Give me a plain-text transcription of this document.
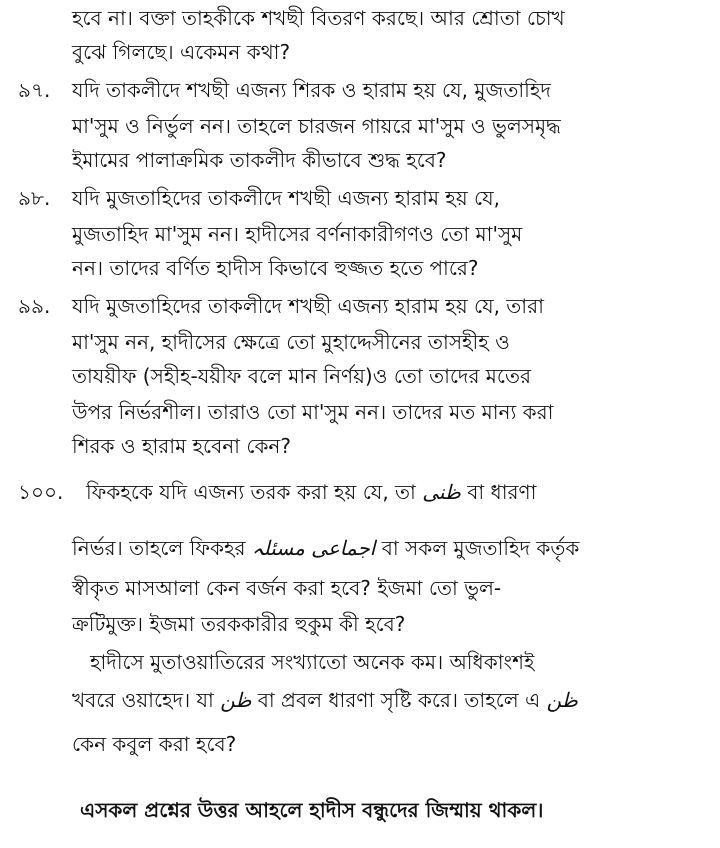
হবে না। বক্তা তাহকীকে শখছী বিতরণ করছে। আর শ্রোতা চোখ
বুঝে গিলছে। একেমন কথা?
৯৭. যদি তাকলীদে শখছী এজন্য শিরক ও হারাম হয় যে, মুজতাহিদ
মা'সুম ও নির্ভুল নন। তাহলে চারজন গায়রে মা'সুম ও ভুলসমৃদ্ধ
ইমামের পালাক্রমিক তাকলীদ কীভাবে শুদ্ধ হবে?
৯৮. যদি মুজতাহিদের তাকলীদে শখছী এজন্য হারাম হয় যে,
মুজতাহিদ মা'সুম নন। হাদীসের বর্ণনাকারীগণও তো মা'সুম
নন। তাদের বর্ণিত হাদীস কিভাবে হুজ্জত হতে পারে?
৯৯. যদি মুজতাহিদের তাকলীদে শখছী এজন্য হারাম হয় যে, তারা
মা'সুম নন, হাদীসের ক্ষেত্রে তো মুহাদ্দেসীনের তাসহীহ ও
তাযয়ীফ (সহীহ-যয়ীফ বলে মান নির্ণয়)ও তো তাদের মতের
উপর নির্ভরশীল। তারাও তো মা'সুম নন। তাদের মত মান্য করা
শিরক ও হারাম হবেনা কেন?
১০০. ফিকহকে যদি এজন্য তরক করা হয় যে, তা ظنی বা ধারণা
নির্ভর। তাহলে ফিকহর اجماعی مسئلہ বা সকল মুজতাহিদ কর্তৃক
স্বীকৃত মাসআলা কেন বর্জন করা হবে? ইজমা তো ভুল-
ক্রটিমুক্ত। ইজমা তরককারীর হুকুম কী হবে?
হাদীসে মুতাওয়াতিরের সংখ্যাতো অনেক কম। অধিকাংশই
খবরে ওয়াহেদ। যা ظن বা প্রবল ধারণা সৃষ্টি করে। তাহলে এ ظن
কেন কবুল করা হবে?
এসকল প্রশ্নের উত্তর আহলে হাদীস বন্ধুদের জিম্মায় থাকল।
